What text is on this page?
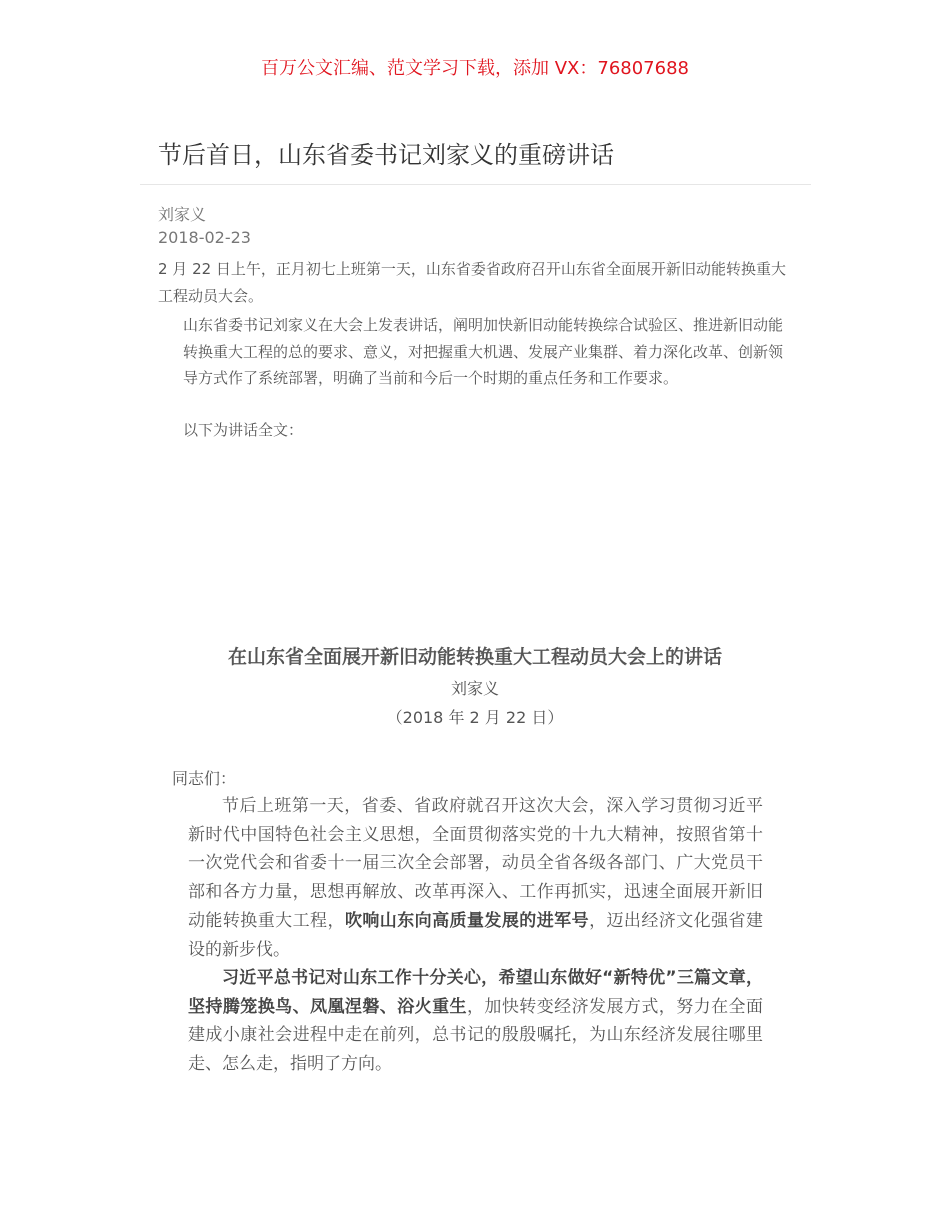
百万公文汇编、范文学习下载，添加 VX：76807688
节后首日，山东省委书记刘家义的重磅讲话
刘家义
2018-02-23

2 月 22 日上午，正月初七上班第一天，山东省委省政府召开山东省全面展开新旧动能转换重大工程动员大会。

山东省委书记刘家义在大会上发表讲话，阐明加快新旧动能转换综合试验区、推进新旧动能转换重大工程的总的要求、意义，对把握重大机遇、发展产业集群、着力深化改革、创新领导方式作了系统部署，明确了当前和今后一个时期的重点任务和工作要求。

以下为讲话全文：

在山东省全面展开新旧动能转换重大工程动员大会上的讲话
刘家义
（2018 年 2 月 22 日）
同志们：

节后上班第一天，省委、省政府就召开这次大会，深入学习贯彻习近平新时代中国特色社会主义思想，全面贯彻落实党的十九大精神，按照省第十一次党代会和省委十一届三次全会部署，动员全省各级各部门、广大党员干部和各方力量，思想再解放、改革再深入、工作再抓实，迅速全面展开新旧动能转换重大工程，吹响山东向高质量发展的进军号，迈出经济文化强省建设的新步伐。

习近平总书记对山东工作十分关心，希望山东做好“新特优”三篇文章，坚持腾笼换鸟、凤凰涅磐、浴火重生，加快转变经济发展方式，努力在全面建成小康社会进程中走在前列，总书记的殷殷嘱托，为山东经济发展往哪里走、怎么走，指明了方向。
